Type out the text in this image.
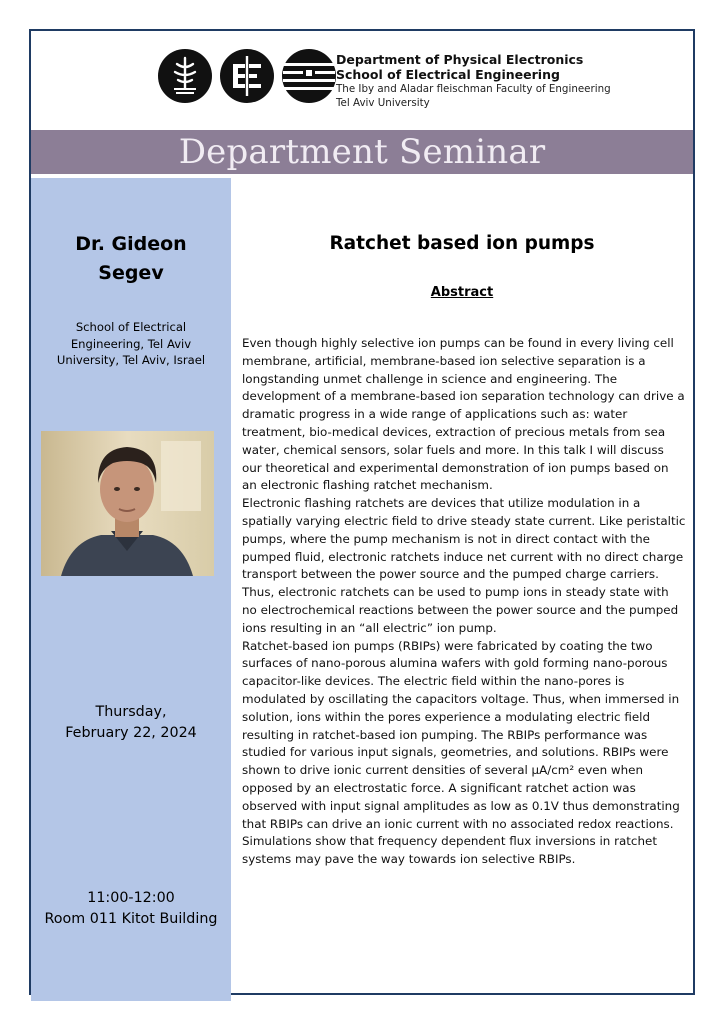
Department of Physical Electronics
School of Electrical Engineering
The Iby and Aladar fleischman Faculty of Engineering
Tel Aviv University
Department Seminar
Dr. Gideon
Segev
School of Electrical
Engineering, Tel Aviv
University, Tel Aviv, Israel
Thursday,
February 22, 2024
11:00-12:00
Room 011 Kitot Building
Ratchet based ion pumps
Abstract

Even though highly selective ion pumps can be found in every living cell membrane, artificial, membrane-based ion selective separation is a longstanding unmet challenge in science and engineering. The development of a membrane-based ion separation technology can drive a dramatic progress in a wide range of applications such as: water treatment, bio-medical devices, extraction of precious metals from sea water, chemical sensors, solar fuels and more. In this talk I will discuss our theoretical and experimental demonstration of ion pumps based on an electronic flashing ratchet mechanism.

Electronic flashing ratchets are devices that utilize modulation in a spatially varying electric field to drive steady state current. Like peristaltic pumps, where the pump mechanism is not in direct contact with the pumped fluid, electronic ratchets induce net current with no direct charge transport between the power source and the pumped charge carriers. Thus, electronic ratchets can be used to pump ions in steady state with no electrochemical reactions between the power source and the pumped ions resulting in an “all electric” ion pump.

Ratchet-based ion pumps (RBIPs) were fabricated by coating the two surfaces of nano-porous alumina wafers with gold forming nano-porous capacitor-like devices. The electric field within the nano-pores is modulated by oscillating the capacitors voltage. Thus, when immersed in solution, ions within the pores experience a modulating electric field resulting in ratchet-based ion pumping. The RBIPs performance was studied for various input signals, geometries, and solutions. RBIPs were shown to drive ionic current densities of several μA/cm² even when opposed by an electrostatic force. A significant ratchet action was observed with input signal amplitudes as low as 0.1V thus demonstrating that RBIPs can drive an ionic current with no associated redox reactions. Simulations show that frequency dependent flux inversions in ratchet systems may pave the way towards ion selective RBIPs.
